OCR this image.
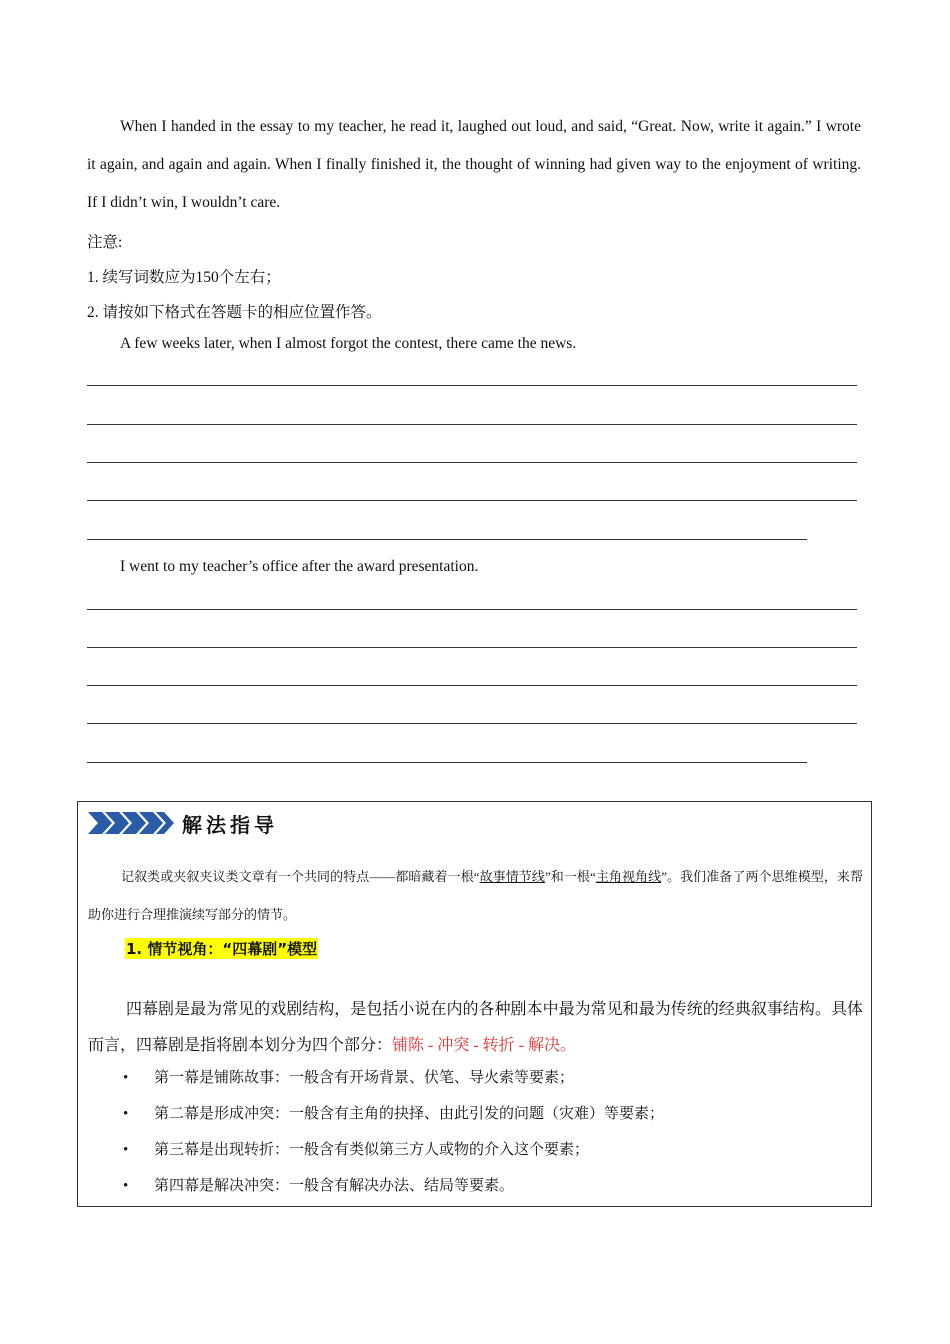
When I handed in the essay to my teacher, he read it, laughed out loud, and said, “Great. Now, write it again.” I wrote it again, and again and again. When I finally finished it, the thought of winning had given way to the enjoyment of writing. If I didn’t win, I wouldn’t care.
注意:
1. 续写词数应为150个左右；
2. 请按如下格式在答题卡的相应位置作答。
A few weeks later, when I almost forgot the contest, there came the news.
I went to my teacher’s office after the award presentation.
解法指导
记叙类或夹叙夹议类文章有一个共同的特点——都暗藏着一根“故事情节线”和一根“主角视角线”。我们准备了两个思维模型，来帮助你进行合理推演续写部分的情节。
1. 情节视角：“四幕剧”模型
四幕剧是最为常见的戏剧结构，是包括小说在内的各种剧本中最为常见和最为传统的经典叙事结构。具体而言，四幕剧是指将剧本划分为四个部分：铺陈 - 冲突 - 转折 - 解决。
•	第一幕是铺陈故事：一般含有开场背景、伏笔、导火索等要素；
•	第二幕是形成冲突：一般含有主角的抉择、由此引发的问题（灾难）等要素；
•	第三幕是出现转折：一般含有类似第三方人或物的介入这个要素；
•	第四幕是解决冲突：一般含有解决办法、结局等要素。
